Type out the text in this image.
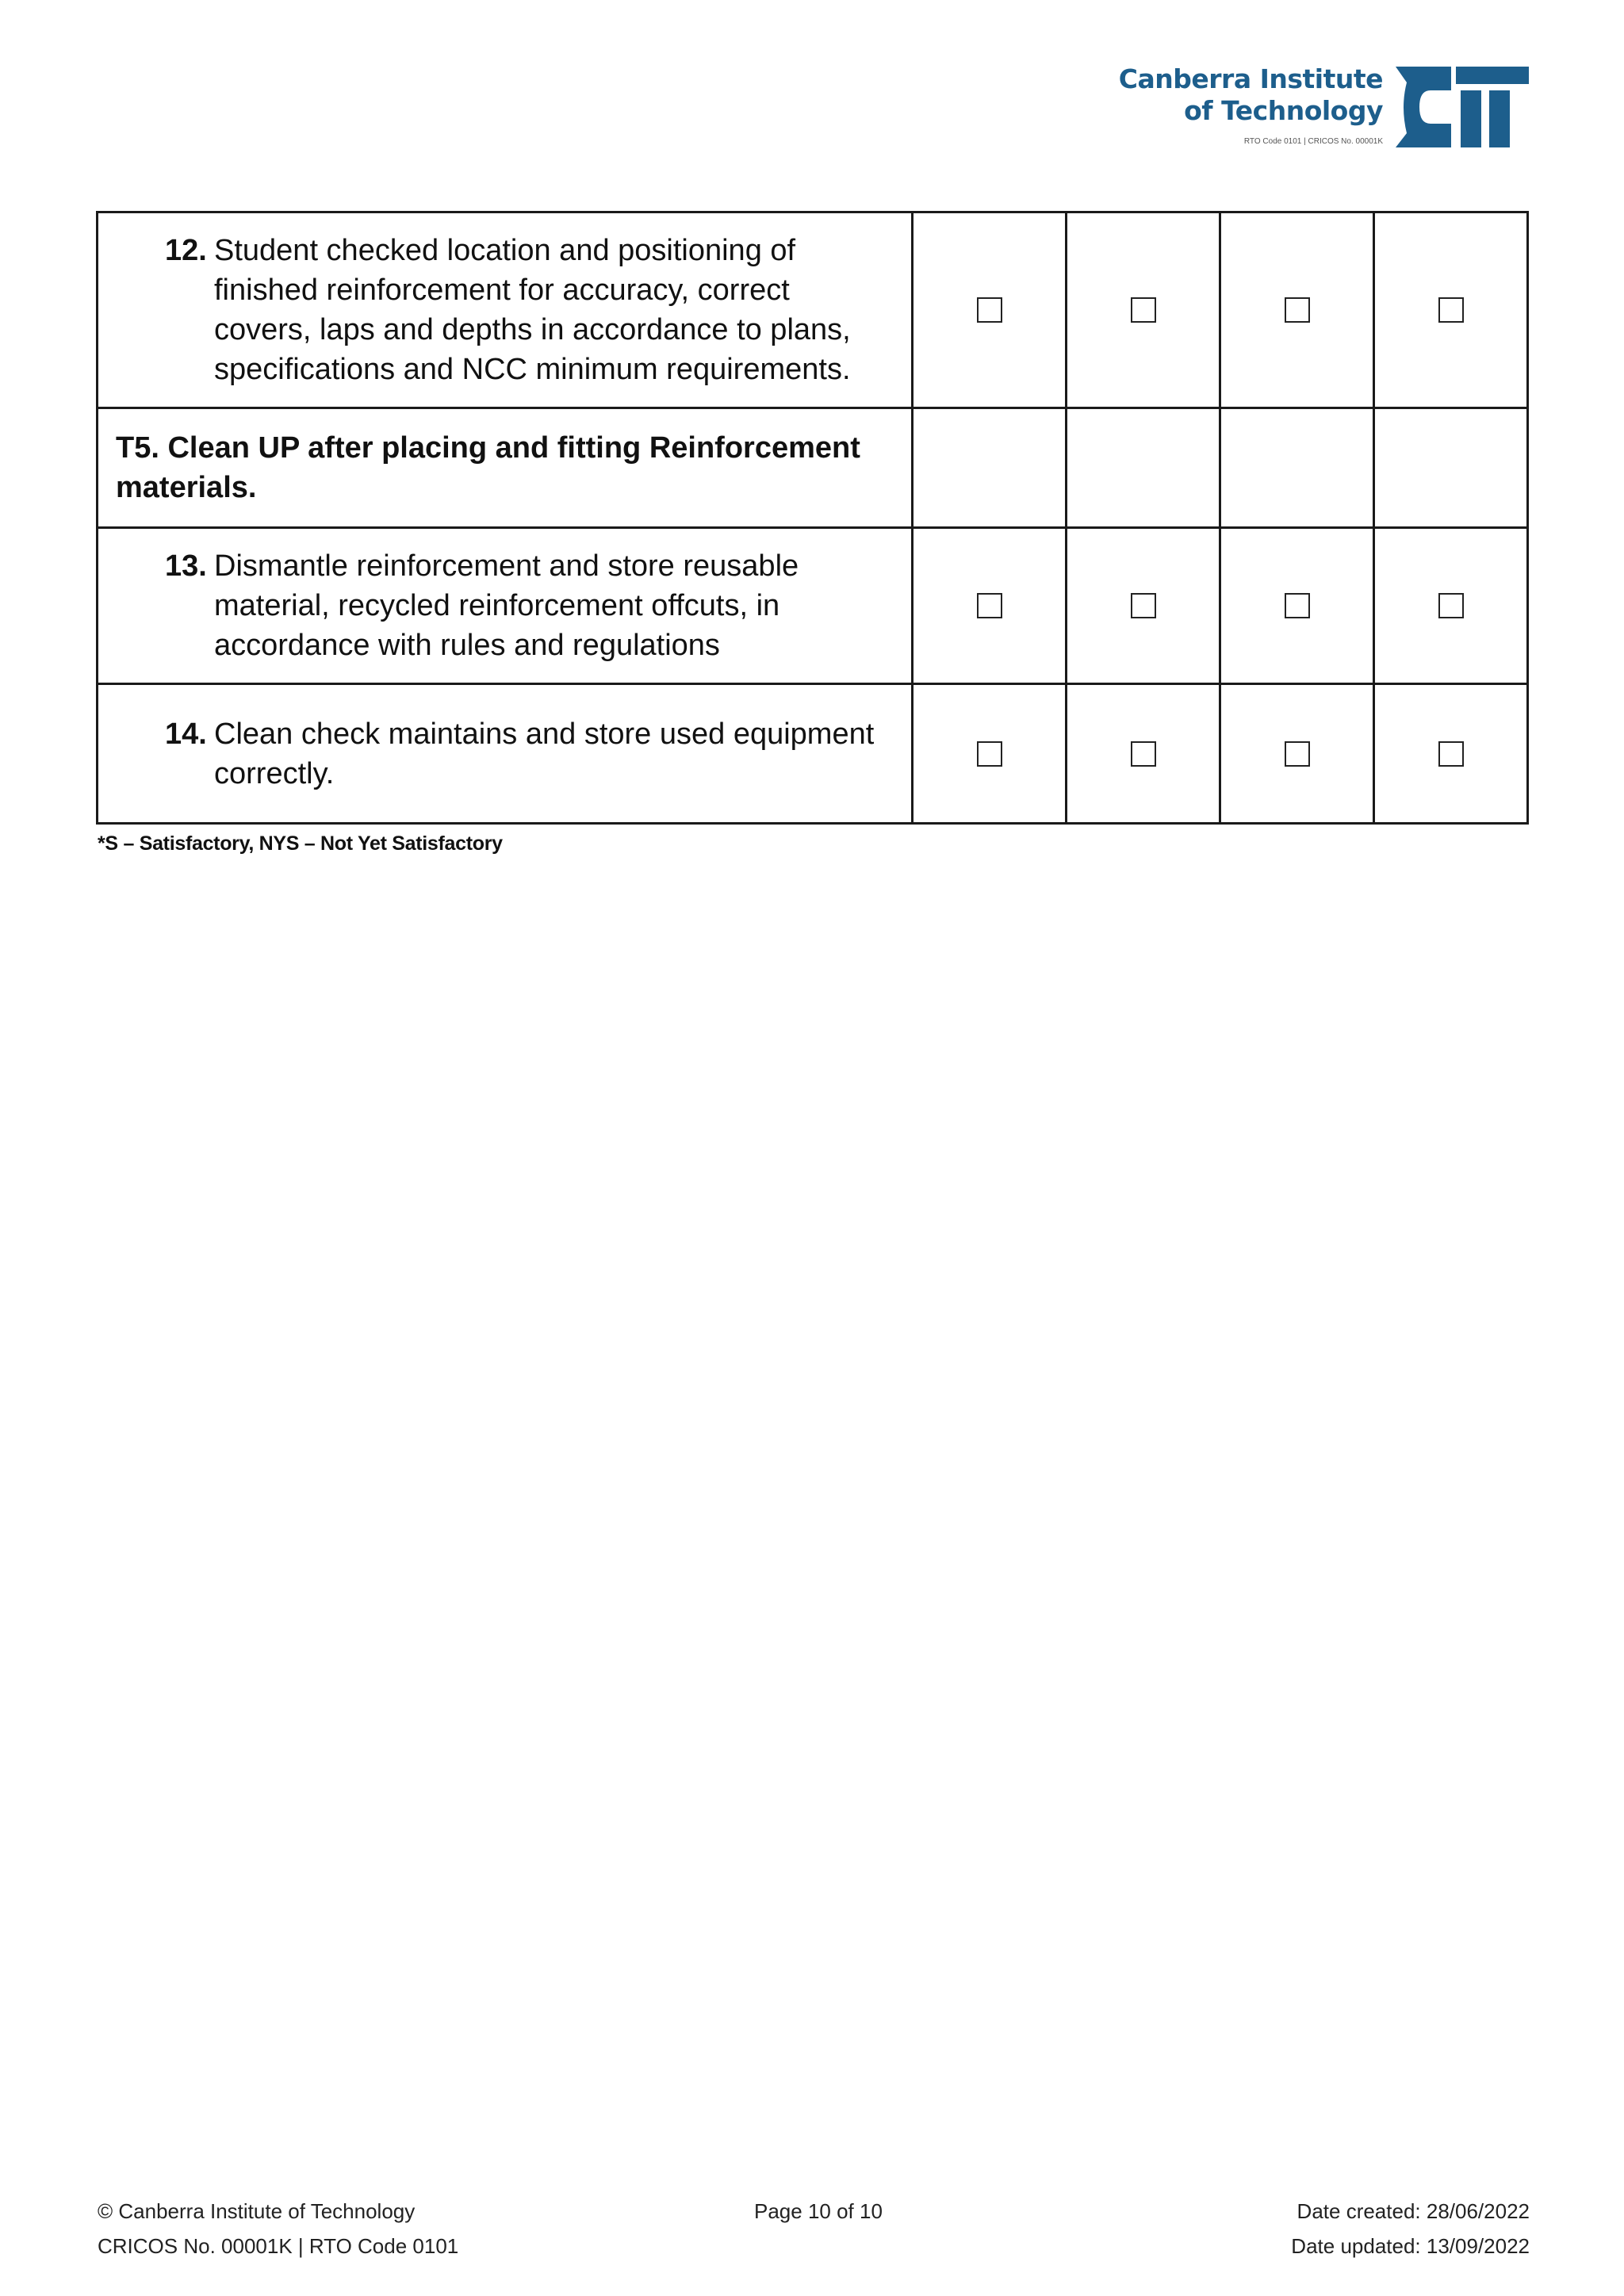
Canberra Institute
of Technology
RTO Code 0101 | CRICOS No. 00001K
12. Student checked location and positioning of finished reinforcement for accuracy, correct covers, laps and depths in accordance to plans, specifications and NCC minimum requirements.				

T5. Clean UP after placing and fitting Reinforcement materials.				

13. Dismantle reinforcement and store reusable material, recycled reinforcement offcuts, in accordance with rules and regulations				

14. Clean check maintains and store used equipment correctly.				

*S – Satisfactory, NYS – Not Yet Satisfactory
© Canberra Institute of Technology	Page 10 of 10	Date created: 28/06/2022
CRICOS No. 00001K | RTO Code 0101	Date updated: 13/09/2022
